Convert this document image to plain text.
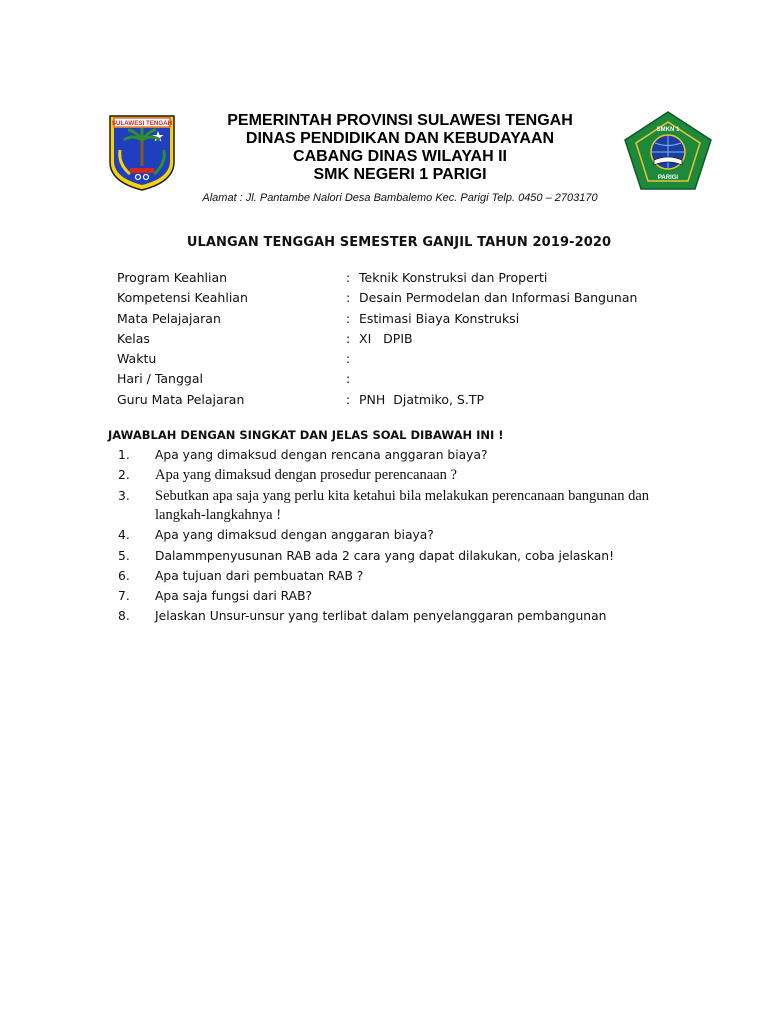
SULAWESI TENGAH	PEMERINTAH PROVINSI SULAWESI TENGAH
DINAS PENDIDIKAN DAN KEBUDAYAAN
CABANG DINAS WILAYAH II
SMK NEGERI 1 PARIGI
Alamat : Jl. Pantambe Nalori Desa Bambalemo Kec. Parigi Telp. 0450 – 2703170
SMKN 1
PARIGI
ULANGAN TENGGAH SEMESTER GANJIL TAHUN 2019-2020
Program Keahlian	: Teknik Konstruksi dan Properti
Kompetensi Keahlian	: Desain Permodelan dan Informasi Bangunan
Mata Pelajajaran	: Estimasi Biaya Konstruksi
Kelas	: XI   DPIB
Waktu	:
Hari / Tanggal	:
Guru Mata Pelajaran	: PNH  Djatmiko, S.TP
JAWABLAH DENGAN SINGKAT DAN JELAS SOAL DIBAWAH INI !
1. Apa yang dimaksud dengan rencana anggaran biaya?
2. Apa yang dimaksud dengan prosedur perencanaan ?
3. Sebutkan apa saja yang perlu kita ketahui bila melakukan perencanaan bangunan dan langkah-langkahnya !
4. Apa yang dimaksud dengan anggaran biaya?
5. Dalammpenyusunan RAB ada 2 cara yang dapat dilakukan, coba jelaskan!
6. Apa tujuan dari pembuatan RAB ?
7. Apa saja fungsi dari RAB?
8. Jelaskan Unsur-unsur yang terlibat dalam penyelanggaran pembangunan
